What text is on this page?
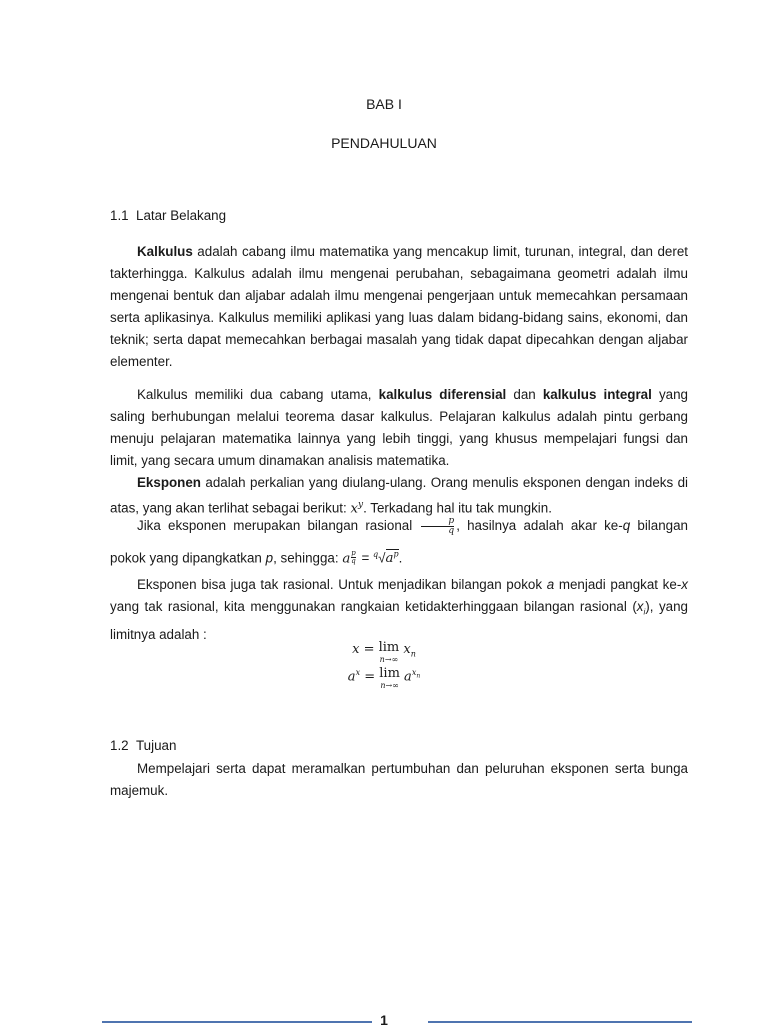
BAB I
PENDAHULUAN
1.1 Latar Belakang
Kalkulus adalah cabang ilmu matematika yang mencakup limit, turunan, integral, dan deret takterhingga. Kalkulus adalah ilmu mengenai perubahan, sebagaimana geometri adalah ilmu mengenai bentuk dan aljabar adalah ilmu mengenai pengerjaan untuk memecahkan persamaan serta aplikasinya. Kalkulus memiliki aplikasi yang luas dalam bidang-bidang sains, ekonomi, dan teknik; serta dapat memecahkan berbagai masalah yang tidak dapat dipecahkan dengan aljabar elementer.
Kalkulus memiliki dua cabang utama, kalkulus diferensial dan kalkulus integral yang saling berhubungan melalui teorema dasar kalkulus. Pelajaran kalkulus adalah pintu gerbang menuju pelajaran matematika lainnya yang lebih tinggi, yang khusus mempelajari fungsi dan limit, yang secara umum dinamakan analisis matematika.
Eksponen adalah perkalian yang diulang-ulang. Orang menulis eksponen dengan indeks di atas, yang akan terlihat sebagai berikut: $x^y$. Terkadang hal itu tak mungkin.
Jika eksponen merupakan bilangan rasional $\frac{p}{q}$ , hasilnya adalah akar ke-q bilangan
pokok yang dipangkatkan p, sehingga: $a\frac{p}{q} = ^q√a^p$.
Eksponen bisa juga tak rasional. Untuk menjadikan bilangan pokok a menjadi pangkat ke-x yang tak rasional, kita menggunakan rangkaian ketidakterhinggaan bilangan rasional $(x_i)$, yang limitnya adalah :
x = lim
n→∞
$x_n$
$a^x = \lim$
n→∞
$a^{x_n}$
1.2 Tujuan
Mempelajari serta dapat meramalkan pertumbuhan dan peluruhan eksponen serta bunga majemuk.
1
